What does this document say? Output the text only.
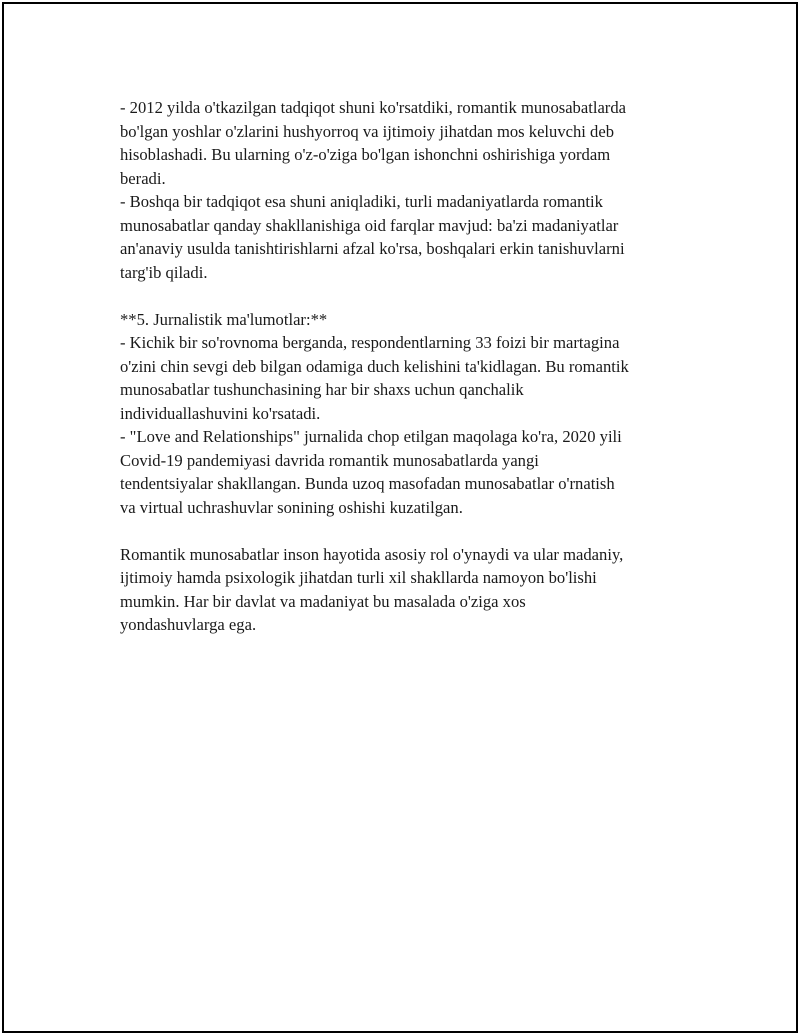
- 2012 yilda o'tkazilgan tadqiqot shuni ko'rsatdiki, romantik munosabatlarda
bo'lgan yoshlar o'zlarini hushyorroq va ijtimoiy jihatdan mos keluvchi deb
hisoblashadi. Bu ularning o'z-o'ziga bo'lgan ishonchni oshirishiga yordam
beradi.
- Boshqa bir tadqiqot esa shuni aniqladiki, turli madaniyatlarda romantik
munosabatlar qanday shakllanishiga oid farqlar mavjud: ba'zi madaniyatlar
an'anaviy usulda tanishtirishlarni afzal ko'rsa, boshqalari erkin tanishuvlarni
targ'ib qiladi.
**5. Jurnalistik ma'lumotlar:**
- Kichik bir so'rovnoma berganda, respondentlarning 33 foizi bir martagina
o'zini chin sevgi deb bilgan odamiga duch kelishini ta'kidlagan. Bu romantik
munosabatlar tushunchasining har bir shaxs uchun qanchalik
individuallashuvini ko'rsatadi.
- "Love and Relationships" jurnalida chop etilgan maqolaga ko'ra, 2020 yili
Covid-19 pandemiyasi davrida romantik munosabatlarda yangi
tendentsiyalar shakllangan. Bunda uzoq masofadan munosabatlar o'rnatish
va virtual uchrashuvlar sonining oshishi kuzatilgan.
Romantik munosabatlar inson hayotida asosiy rol o'ynaydi va ular madaniy,
ijtimoiy hamda psixologik jihatdan turli xil shakllarda namoyon bo'lishi
mumkin. Har bir davlat va madaniyat bu masalada o'ziga xos
yondashuvlarga ega.
